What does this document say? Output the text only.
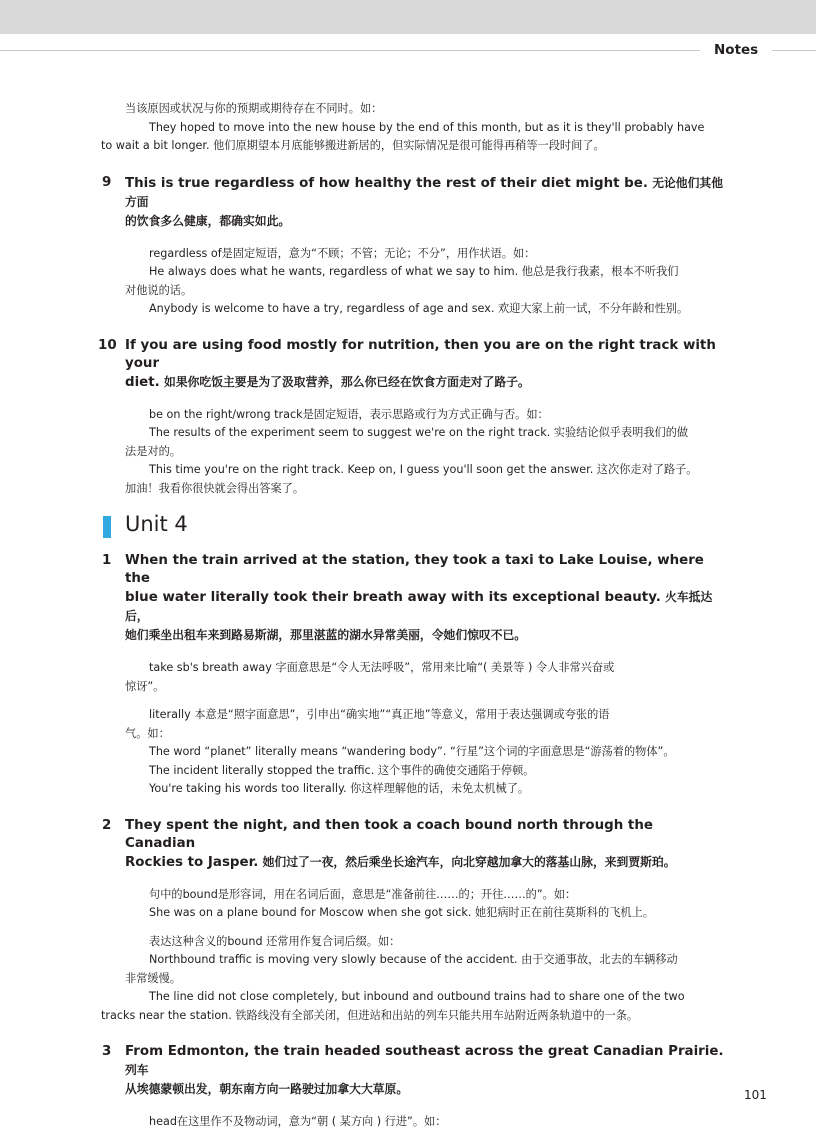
Notes

当该原因或状况与你的预期或期待存在不同时。如：

They hoped to move into the new house by the end of this month, but as it is they'll probably have

to wait a bit longer. 他们原期望本月底能够搬进新居的，但实际情况是很可能得再稍等一段时间了。

9 This is true regardless of how healthy the rest of their diet might be. 无论他们其他方面
的饮食多么健康，都确实如此。

regardless of是固定短语，意为“不顾；不管；无论；不分”，用作状语。如：

He always does what he wants, regardless of what we say to him. 他总是我行我素，根本不听我们

对他说的话。

Anybody is welcome to have a try, regardless of age and sex. 欢迎大家上前一试，不分年龄和性别。

10 If you are using food mostly for nutrition, then you are on the right track with your
diet. 如果你吃饭主要是为了汲取营养，那么你已经在饮食方面走对了路子。

be on the right/wrong track是固定短语，表示思路或行为方式正确与否。如：

The results of the experiment seem to suggest we're on the right track. 实验结论似乎表明我们的做

法是对的。

This time you're on the right track. Keep on, I guess you'll soon get the answer. 这次你走对了路子。

加油！我看你很快就会得出答案了。

Unit 4
1 When the train arrived at the station, they took a taxi to Lake Louise, where the
blue water literally took their breath away with its exceptional beauty. 火车抵达后，
她们乘坐出租车来到路易斯湖，那里湛蓝的湖水异常美丽，令她们惊叹不已。

take sb's breath away 字面意思是“令人无法呼吸”，常用来比喻“( 美景等 ) 令人非常兴奋或

惊讶”。

literally 本意是“照字面意思”，引申出“确实地”“真正地”等意义，常用于表达强调或夸张的语

气。如：

The word “planet” literally means “wandering body”. “行星”这个词的字面意思是“游荡着的物体”。

The incident literally stopped the traffic. 这个事件的确使交通陷于停顿。

You're taking his words too literally. 你这样理解他的话，未免太机械了。

2 They spent the night, and then took a coach bound north through the Canadian
Rockies to Jasper. 她们过了一夜，然后乘坐长途汽车，向北穿越加拿大的落基山脉，来到贾斯珀。

句中的bound是形容词，用在名词后面，意思是“准备前往……的；开往……的”。如：

She was on a plane bound for Moscow when she got sick. 她犯病时正在前往莫斯科的飞机上。

表达这种含义的bound 还常用作复合词后缀。如：

Northbound traffic is moving very slowly because of the accident. 由于交通事故，北去的车辆移动

非常缓慢。

The line did not close completely, but inbound and outbound trains had to share one of the two

tracks near the station. 铁路线没有全部关闭，但进站和出站的列车只能共用车站附近两条轨道中的一条。

3 From Edmonton, the train headed southeast across the great Canadian Prairie. 列车
从埃德蒙顿出发，朝东南方向一路驶过加拿大大草原。

head在这里作不及物动词，意为“朝 ( 某方向 ) 行进”。如：

101
